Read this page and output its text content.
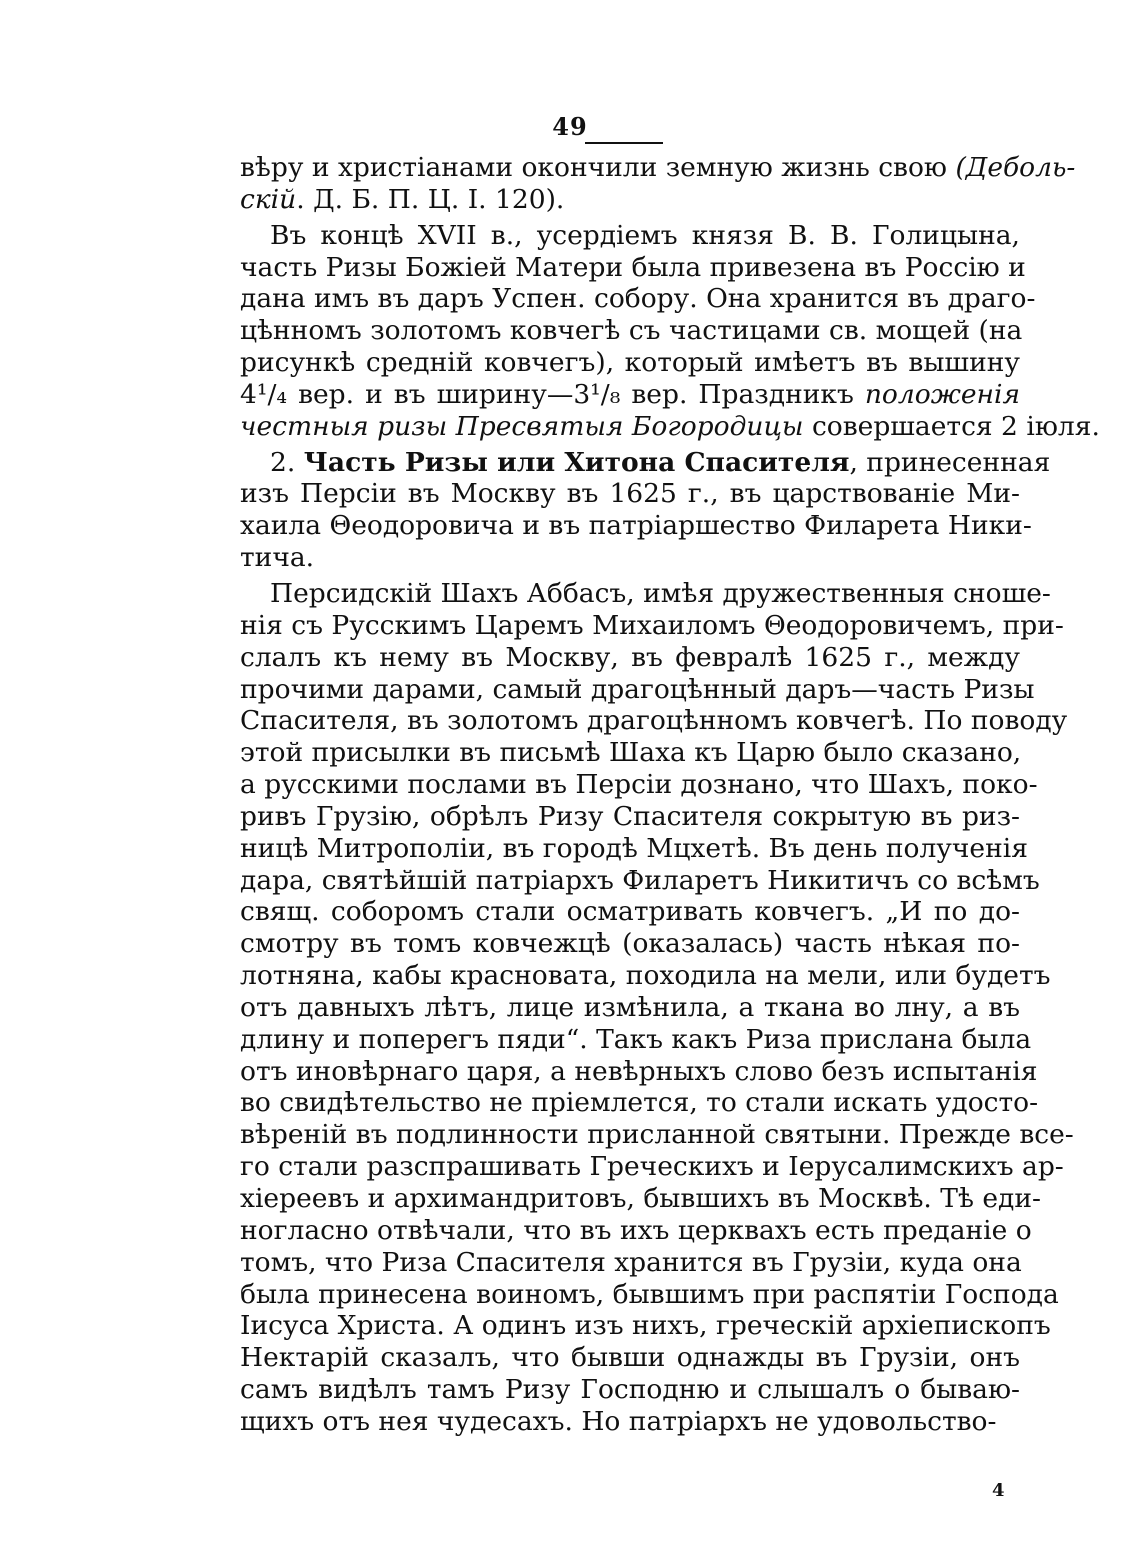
49
вѣру и христіанами окончили земную жизнь свою (Деболь-
скій. Д. Б. П. Ц. I. 120).
Въ концѣ XVII в., усердіемъ князя В. В. Голицына,
часть Ризы Божіей Матери была привезена въ Россію и
дана имъ въ даръ Успен. собору. Она хранится въ драго-
цѣнномъ золотомъ ковчегѣ съ частицами св. мощей (на
рисункѣ средній ковчегъ), который имѣетъ въ вышину
4¹/₄ вер. и въ ширину—3¹/₈ вер. Праздникъ положенія
честныя ризы Пресвятыя Богородицы совершается 2 іюля.
2. Часть Ризы или Хитона Спасителя, принесенная
изъ Персіи въ Москву въ 1625 г., въ царствованіе Ми-
хаила Θеодоровича и въ патріаршество Филарета Ники-
тича.
Персидскій Шахъ Аббасъ, имѣя дружественныя сноше-
нія съ Русскимъ Царемъ Михаиломъ Θеодоровичемъ, при-
слалъ къ нему въ Москву, въ февралѣ 1625 г., между
прочими дарами, самый драгоцѣнный даръ—часть Ризы
Спасителя, въ золотомъ драгоцѣнномъ ковчегѣ. По поводу
этой присылки въ письмѣ Шаха къ Царю было сказано,
а русскими послами въ Персіи дознано, что Шахъ, поко-
ривъ Грузію, обрѣлъ Ризу Спасителя сокрытую въ риз-
ницѣ Митрополіи, въ городѣ Мцхетѣ. Въ день полученія
дара, святѣйшій патріархъ Филаретъ Никитичъ со всѣмъ
свящ. соборомъ стали осматривать ковчегъ. „И по до-
смотру въ томъ ковчежцѣ (оказалась) часть нѣкая по-
лотняна, кабы красновата, походила на мели, или будетъ
отъ давныхъ лѣтъ, лице измѣнила, а ткана во лну, а въ
длину и поперегъ пяди“. Такъ какъ Риза прислана была
отъ иновѣрнаго царя, а невѣрныхъ слово безъ испытанія
во свидѣтельство не пріемлется, то стали искать удосто-
вѣреній въ подлинности присланной святыни. Прежде все-
го стали разспрашивать Греческихъ и Іерусалимскихъ ар-
хіереевъ и архимандритовъ, бывшихъ въ Москвѣ. Тѣ еди-
ногласно отвѣчали, что въ ихъ церквахъ есть преданіе о
томъ, что Риза Спасителя хранится въ Грузіи, куда она
была принесена воиномъ, бывшимъ при распятіи Господа
Іисуса Христа. А одинъ изъ нихъ, греческій архіепископъ
Нектарій сказалъ, что бывши однажды въ Грузіи, онъ
самъ видѣлъ тамъ Ризу Господню и слышалъ о бываю-
щихъ отъ нея чудесахъ. Но патріархъ не удовольство-
4
